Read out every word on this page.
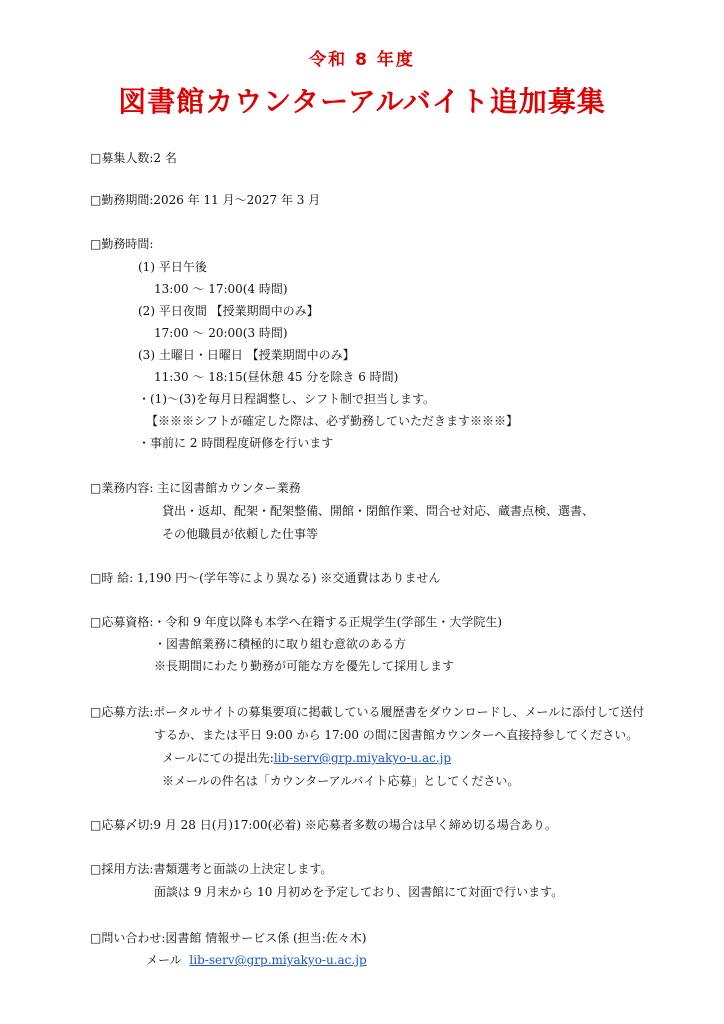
令和 8 年度
図書館カウンターアルバイト追加募集
□募集人数:2 名
□勤務期間:2026 年 11 月～2027 年 3 月
□勤務時間:
(1) 平日午後
13:00 〜 17:00(4 時間)
(2) 平日夜間 【授業期間中のみ】
17:00 〜 20:00(3 時間)
(3) 土曜日・日曜日 【授業期間中のみ】
11:30 〜 18:15(昼休憩 45 分を除き 6 時間)
・(1)～(3)を毎月日程調整し、シフト制で担当します。
【※※※シフトが確定した際は、必ず勤務していただきます※※※】
・事前に 2 時間程度研修を行います
□業務内容: 主に図書館カウンター業務
貸出・返却、配架・配架整備、開館・閉館作業、問合せ対応、蔵書点検、選書、
その他職員が依頼した仕事等
□時 給: 1,190 円～(学年等により異なる) ※交通費はありません
□応募資格:・令和 9 年度以降も本学へ在籍する正規学生(学部生・大学院生)
・図書館業務に積極的に取り組む意欲のある方
※長期間にわたり勤務が可能な方を優先して採用します
□応募方法:ポータルサイトの募集要項に掲載している履歴書をダウンロードし、メールに添付して送付
するか、または平日 9:00 から 17:00 の間に図書館カウンターへ直接持参してください。
メールにての提出先:lib-serv@grp.miyakyo-u.ac.jp
※メールの件名は「カウンターアルバイト応募」としてください。
□応募〆切:9 月 28 日(月)17:00(必着) ※応募者多数の場合は早く締め切る場合あり。
□採用方法:書類選考と面談の上決定します。
面談は 9 月末から 10 月初めを予定しており、図書館にて対面で行います。
□問い合わせ:図書館 情報サービス係 (担当:佐々木)
メール lib-serv@grp.miyakyo-u.ac.jp
